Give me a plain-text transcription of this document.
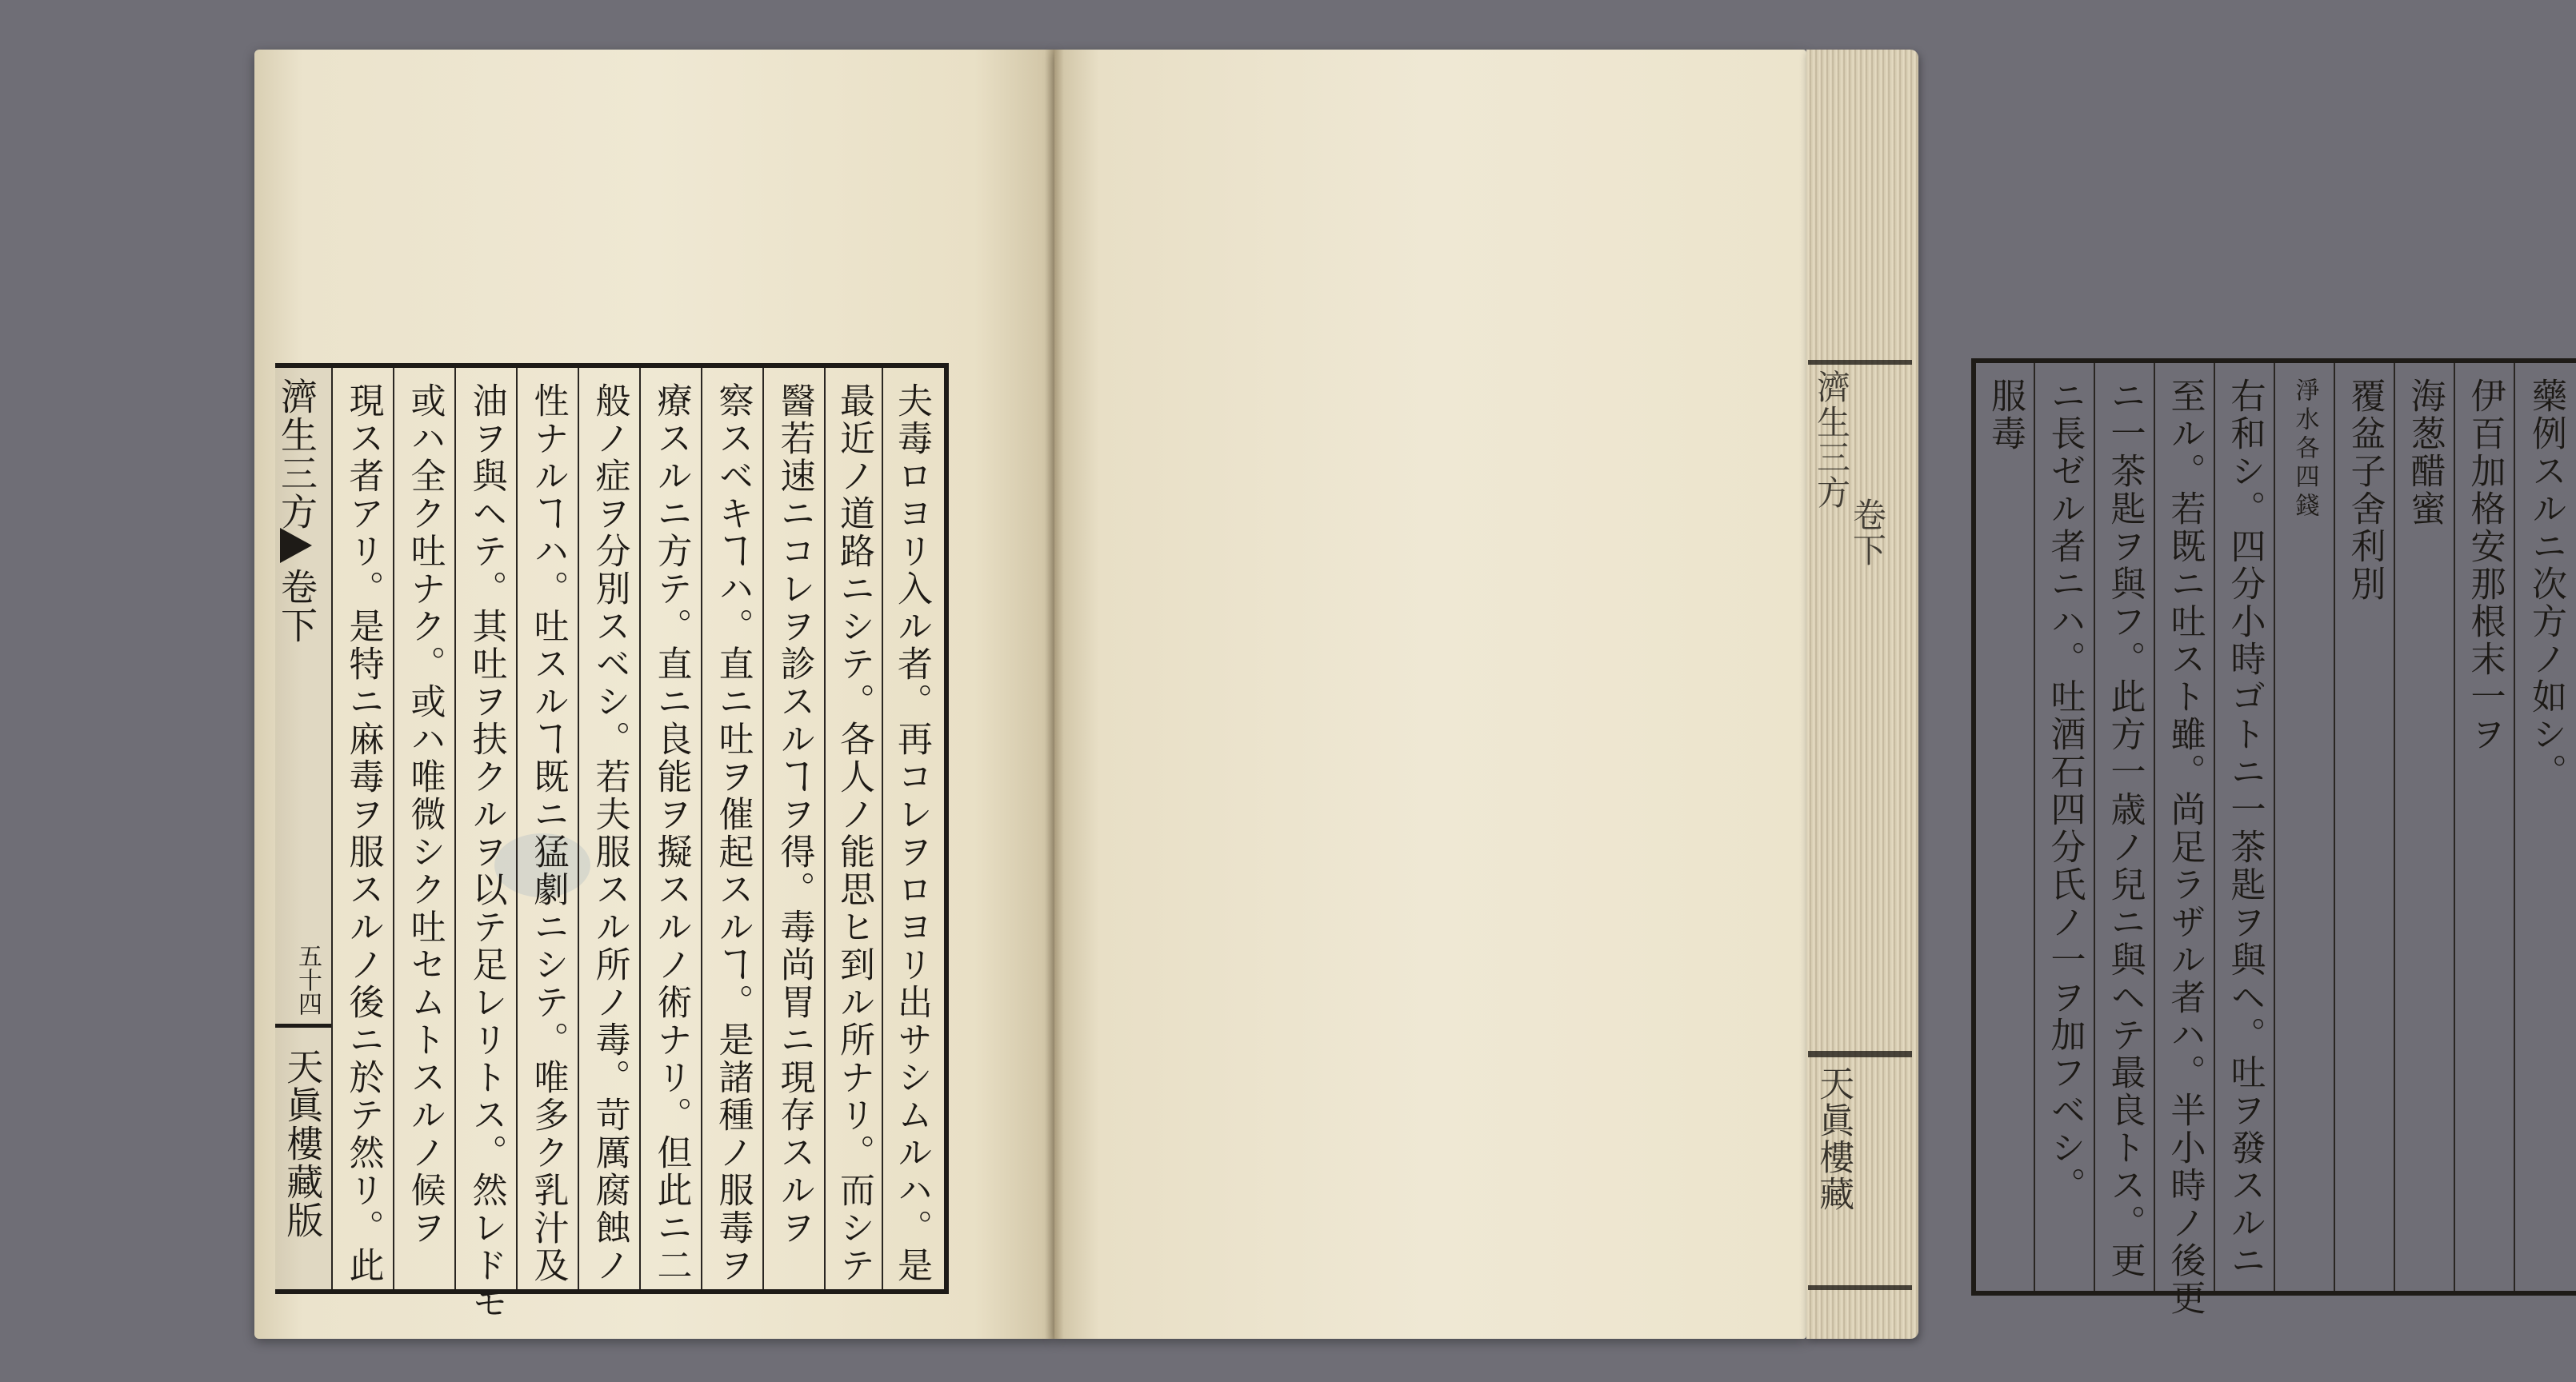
濟生三方
卷下
五十四
天眞樓藏版 現ス者アリ。是特ニ麻毒ヲ服スルノ後ニ於テ然リ。此 或ハ全ク吐ナク。或ハ唯微シク吐セムトスルノ候ヲ 油ヲ與ヘテ。其吐ヲ扶クルヲ以テ足レリトス。然レドモ 性ナルヿハ。吐スルヿ既ニ猛劇ニシテ。唯多ク乳汁及 般ノ症ヲ分別スベシ。若夫服スル所ノ毒。苛厲腐蝕ノ 療スルニ方テ。直ニ良能ヲ擬スルノ術ナリ。但此ニ二 察スベキヿハ。直ニ吐ヲ催起スルヿ。是諸種ノ服毒ヲ 醫若速ニコレヲ診スルヿヲ得。毒尚胃ニ現存スルヲ 最近ノ道路ニシテ。各人ノ能思ヒ到ル所ナリ。而シテ 夫毒ロヨリ入ル者。再コレヲロヨリ出サシムルハ。是	服毒 ニ長ゼル者ニハ。吐酒石四分氏ノ一ヲ加フベシ。 ニ一茶匙ヲ與フ。此方一歳ノ兒ニ與ヘテ最良トス。更 至ル。若既ニ吐スト雖。尚足ラザル者ハ。半小時ノ後更 右和シ。四分小時ゴトニ一茶匙ヲ與ヘ。吐ヲ發スルニ 淨水各四錢 覆盆子舍利別 海葱醋蜜 伊百加格安那根末一ヲ 藥例スルニ次方ノ如シ。
濟生三方
卷下
天眞樓藏
